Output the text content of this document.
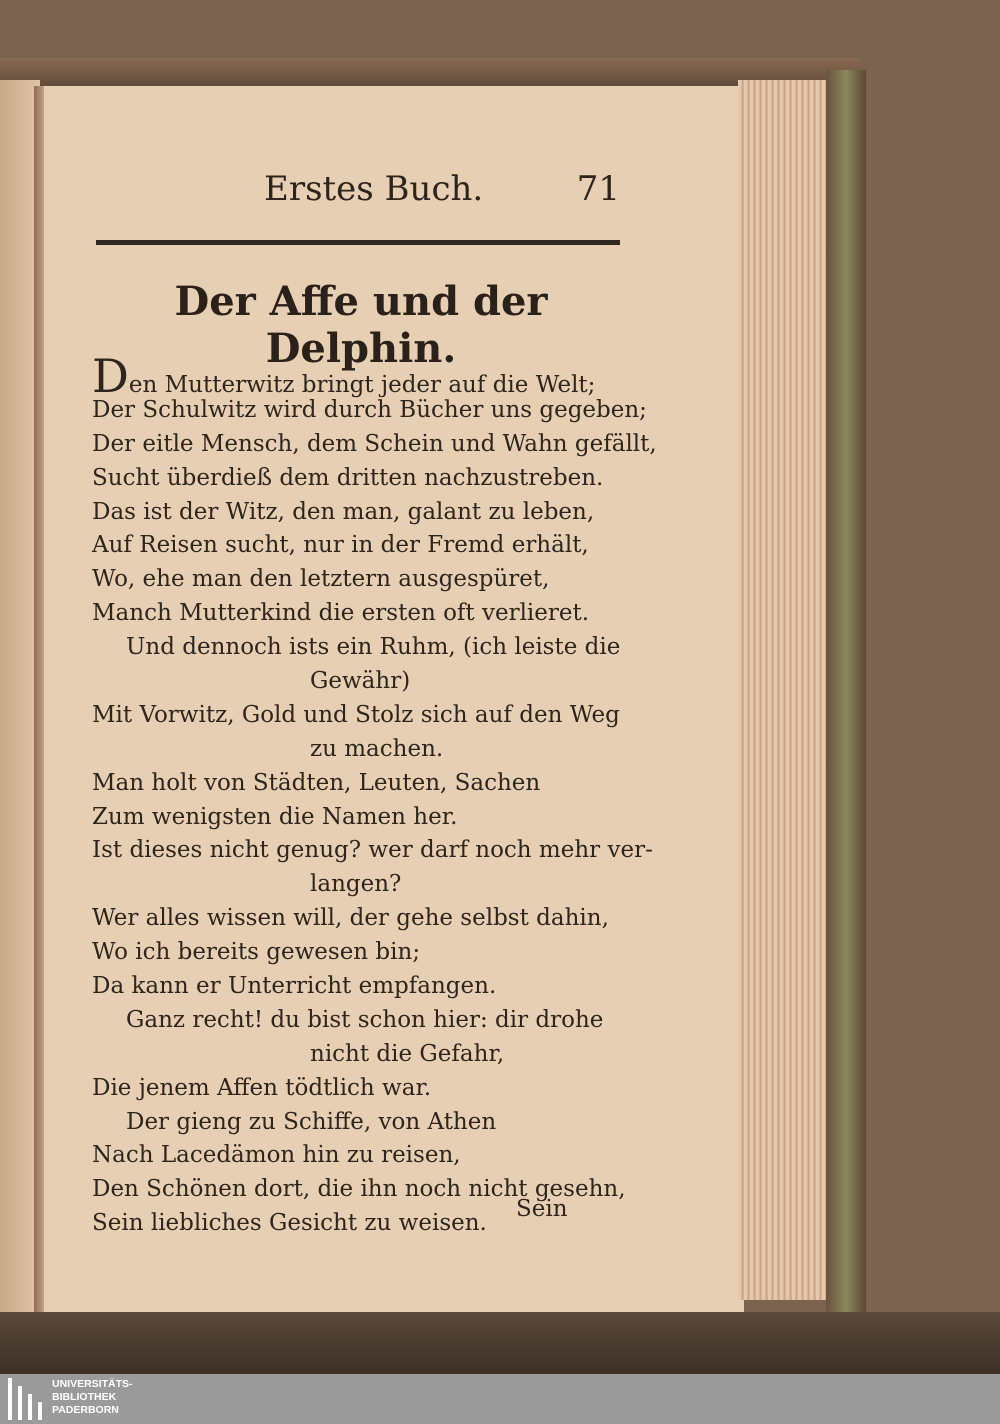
Erstes Buch.	71
Der Affe und der Delphin.
Den Mutterwitz bringt jeder auf die Welt;
Der Schulwitz wird durch Bücher uns gegeben;
Der eitle Mensch, dem Schein und Wahn gefällt,
Sucht überdieß dem dritten nachzustreben.
Das ist der Witz, den man, galant zu leben,
Auf Reisen sucht, nur in der Fremd erhält,
Wo, ehe man den letztern ausgespüret,
Manch Mutterkind die ersten oft verlieret.
Und dennoch ists ein Ruhm, (ich leiste die
Gewähr)
Mit Vorwitz, Gold und Stolz sich auf den Weg
zu machen.
Man holt von Städten, Leuten, Sachen
Zum wenigsten die Namen her.
Ist dieses nicht genug? wer darf noch mehr ver-
langen?
Wer alles wissen will, der gehe selbst dahin,
Wo ich bereits gewesen bin;
Da kann er Unterricht empfangen.
Ganz recht! du bist schon hier: dir drohe
nicht die Gefahr,
Die jenem Affen tödtlich war.
Der gieng zu Schiffe, von Athen
Nach Lacedämon hin zu reisen,
Den Schönen dort, die ihn noch nicht gesehn,
Sein liebliches Gesicht zu weisen.
Sein
UNIVERSITÄTS-
BIBLIOTHEK
PADERBORN
